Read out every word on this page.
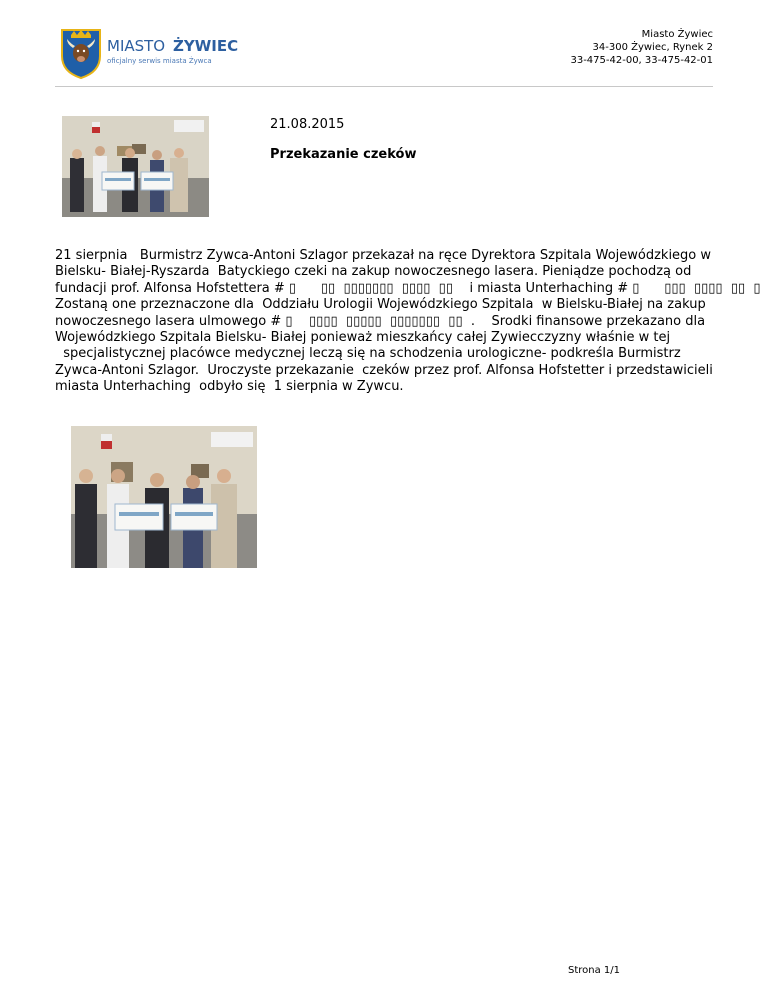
MIASTO ŻYWIEC
oficjalny serwis miasta Żywca
Miasto Żywiec
34-300 Żywiec, Rynek 2
33-475-42-00, 33-475-42-01
21.08.2015
Przekazanie czeków
21 sierpnia   Burmistrz Żywca-Antoni Szlagor przekazał na ręce Dyrektora Szpitala Wojewódzkiego w
Bielsku- Białej-Ryszarda  Batyckiego czeki na zakup nowoczesnego lasera. Pieniądze pochodzą od
fundacji prof. Alfonsa Hofstettera # ▯      ▯▯  ▯▯▯▯▯▯▯  ▯▯▯▯  ▯▯    i miasta Unterhaching # ▯      ▯▯▯  ▯▯▯▯  ▯▯  ▯
Zostaną one przeznaczone dla  Oddziału Urologii Wojewódzkiego Szpitala  w Bielsku-Białej na zakup
nowoczesnego lasera ulmowego # ▯    ▯▯▯▯  ▯▯▯▯▯  ▯▯▯▯▯▯▯  ▯▯  .    Środki finansowe przekazano dla
Wojewódzkiego Szpitala Bielsku- Białej ponieważ mieszkańcy całej Żywiecczyzny właśnie w tej
specjalistycznej placówce medycznej leczą się na schodzenia urologiczne- podkreśla Burmistrz
Żywca-Antoni Szlagor.  Uroczyste przekazanie  czeków przez prof. Alfonsa Hofstetter i przedstawicieli
miasta Unterhaching  odbyło się  1 sierpnia w Żywcu.
Strona 1/1
